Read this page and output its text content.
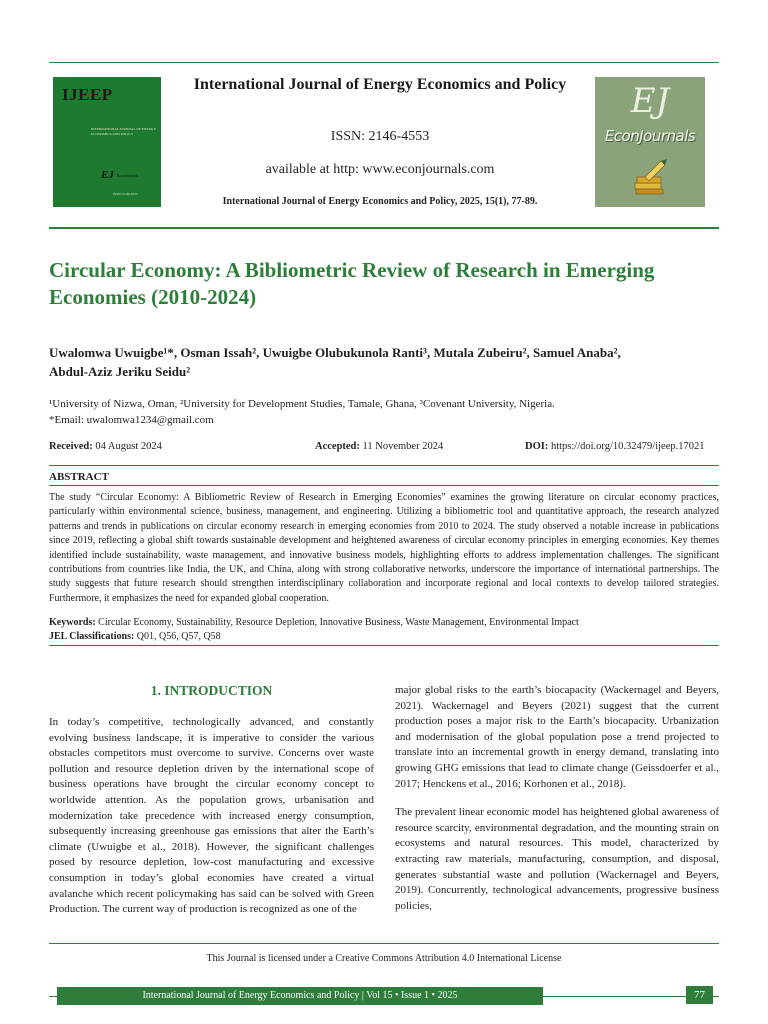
IJEEP
INTERNATIONAL JOURNAL OF ENERGY ECONOMICS AND POLICY
EJ EconJournals
ISSN: 2146-4553
International Journal of Energy Economics and Policy
ISSN: 2146-4553
available at http: www.econjournals.com
International Journal of Energy Economics and Policy, 2025, 15(1), 77-89.
EJ
EconJournals
Circular Economy: A Bibliometric Review of Research in Emerging Economies (2010-2024)
Uwalomwa Uwuigbe¹*, Osman Issah², Uwuigbe Olubukunola Ranti³, Mutala Zubeiru², Samuel Anaba²,
Abdul-Aziz Jeriku Seidu²
¹University of Nizwa, Oman, ²University for Development Studies, Tamale, Ghana, ³Covenant University, Nigeria.
*Email: uwalomwa1234@gmail.com
Received: 04 August 2024	Accepted: 11 November 2024	DOI: https://doi.org/10.32479/ijeep.17021
ABSTRACT
The study “Circular Economy: A Bibliometric Review of Research in Emerging Economies” examines the growing literature on circular economy practices, particularly within environmental science, business, management, and engineering. Utilizing a bibliometric tool and quantitative approach, the research analyzed patterns and trends in publications on circular economy research in emerging economies from 2010 to 2024. The study observed a notable increase in publications since 2019, reflecting a global shift towards sustainable development and heightened awareness of circular economy principles in emerging economies. Key themes identified include sustainability, waste management, and innovative business models, highlighting efforts to address implementation challenges. The significant contributions from countries like India, the UK, and China, along with strong collaborative networks, underscore the importance of international partnerships. The study suggests that future research should strengthen interdisciplinary collaboration and incorporate regional and local contexts to develop tailored strategies. Furthermore, it emphasizes the need for expanded global cooperation.
Keywords: Circular Economy, Sustainability, Resource Depletion, Innovative Business, Waste Management, Environmental Impact
JEL Classifications: Q01, Q56, Q57, Q58
1. INTRODUCTION

In today’s competitive, technologically advanced, and constantly evolving business landscape, it is imperative to consider the various obstacles competitors must overcome to survive. Concerns over waste pollution and resource depletion driven by the international scope of business operations have brought the circular economy concept to worldwide attention. As the population grows, urbanisation and modernization take precedence with increased energy consumption, subsequently increasing greenhouse gas emissions that alter the Earth’s climate (Uwuigbe et al., 2018). However, the significant challenges posed by resource depletion, low-cost manufacturing and excessive consumption in today’s global economies have created a virtual avalanche which recent policymaking has said can be solved with Green Production. The current way of production is recognized as one of the

major global risks to the earth’s biocapacity (Wackernagel and Beyers, 2021). Wackernagel and Beyers (2021) suggest that the current production poses a major risk to the Earth’s biocapacity. Urbanization and modernisation of the global population pose a trend projected to translate into an incremental growth in energy demand, translating into growing GHG emissions that lead to climate change (Geissdoerfer et al., 2017; Henckens et al., 2016; Korhonen et al., 2018).

The prevalent linear economic model has heightened global awareness of resource scarcity, environmental degradation, and the mounting strain on ecosystems and natural resources. This model, characterized by extracting raw materials, manufacturing, consumption, and disposal, generates substantial waste and pollution (Wackernagel and Beyers, 2019). Concurrently, technological advancements, progressive business policies,

This Journal is licensed under a Creative Commons Attribution 4.0 International License
International Journal of Energy Economics and Policy | Vol 15 • Issue 1 • 2025	77
